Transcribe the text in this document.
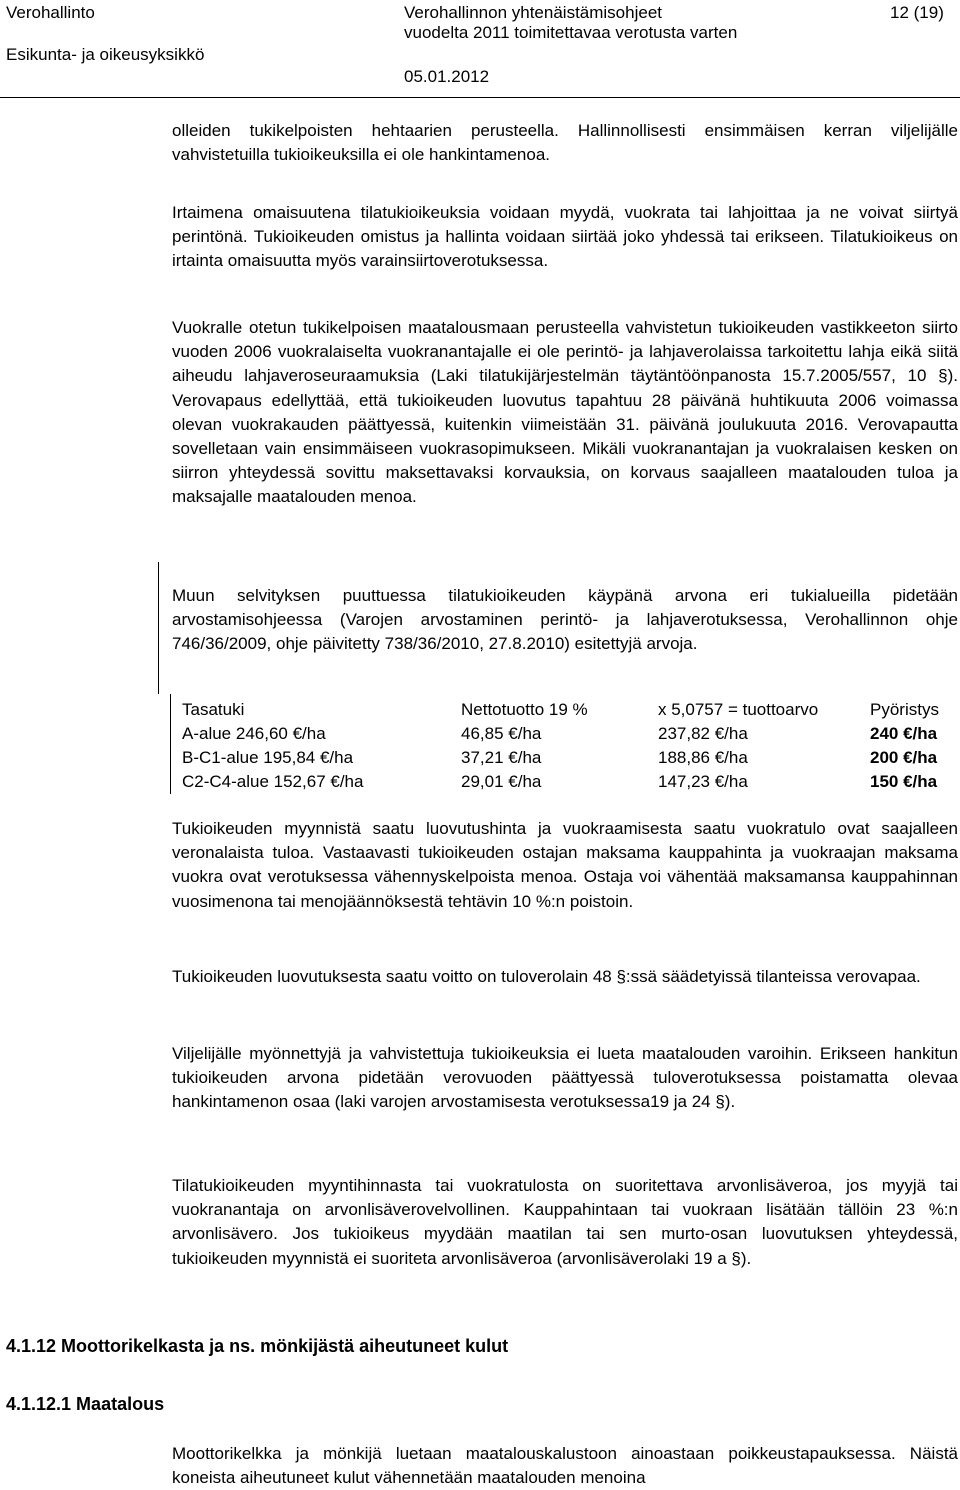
Verohallinto
Esikunta- ja oikeusyksikkö
Verohallinnon yhtenäistämisohjeet
vuodelta 2011 toimitettavaa verotusta varten
05.01.2012
12 (19)

olleiden tukikelpoisten hehtaarien perusteella. Hallinnollisesti ensimmäisen kerran viljelijälle vahvistetuilla tukioikeuksilla ei ole hankintamenoa.

Irtaimena omaisuutena tilatukioikeuksia voidaan myydä, vuokrata tai lahjoittaa ja ne voivat siirtyä perintönä. Tukioikeuden omistus ja hallinta voidaan siirtää joko yhdessä tai erikseen. Tilatukioikeus on irtainta omaisuutta myös varainsiirtoverotuksessa.

Vuokralle otetun tukikelpoisen maatalousmaan perusteella vahvistetun tukioikeuden vastikkeeton siirto vuoden 2006 vuokralaiselta vuokranantajalle ei ole perintö- ja lahjaverolaissa tarkoitettu lahja eikä siitä aiheudu lahjaveroseuraamuksia (Laki tilatukijärjestelmän täytäntöönpanosta 15.7.2005/557, 10 §). Verovapaus edellyttää, että tukioikeuden luovutus tapahtuu 28 päivänä huhtikuuta 2006 voimassa olevan vuokrakauden päättyessä, kuitenkin viimeistään 31. päivänä joulukuuta 2016. Verovapautta sovelletaan vain ensimmäiseen vuokrasopimukseen. Mikäli vuokranantajan ja vuokralaisen kesken on siirron yhteydessä sovittu maksettavaksi korvauksia, on korvaus saajalleen maatalouden tuloa ja maksajalle maatalouden menoa.

Muun selvityksen puuttuessa tilatukioikeuden käypänä arvona eri tukialueilla pidetään arvostamisohjeessa (Varojen arvostaminen perintö- ja lahjaverotuksessa, Verohallinnon ohje 746/36/2009, ohje päivitetty 738/36/2010, 27.8.2010) esitettyjä arvoja.

Tukioikeuden myynnistä saatu luovutushinta ja vuokraamisesta saatu vuokratulo ovat saajalleen veronalaista tuloa. Vastaavasti tukioikeuden ostajan maksama kauppahinta ja vuokraajan maksama vuokra ovat verotuksessa vähennyskelpoista menoa. Ostaja voi vähentää maksamansa kauppahinnan vuosimenona tai menojäännöksestä tehtävin 10 %:n poistoin.

Tukioikeuden luovutuksesta saatu voitto on tuloverolain 48 §:ssä säädetyissä tilanteissa verovapaa.

Viljelijälle myönnettyjä ja vahvistettuja tukioikeuksia ei lueta maatalouden varoihin. Erikseen hankitun tukioikeuden arvona pidetään verovuoden päättyessä tuloverotuksessa poistamatta olevaa hankintamenon osaa (laki varojen arvostamisesta verotuksessa19 ja 24 §).

Tilatukioikeuden myyntihinnasta tai vuokratulosta on suoritettava arvonlisäveroa, jos myyjä tai vuokranantaja on arvonlisäverovelvollinen. Kauppahintaan tai vuokraan lisätään tällöin 23 %:n arvonlisävero. Jos tukioikeus myydään maatilan tai sen murto-osan luovutuksen yhteydessä, tukioikeuden myynnistä ei suoriteta arvonlisäveroa (arvonlisäverolaki 19 a §).

Tasatuki	Nettotuotto 19 %	x 5,0757 = tuottoarvo	Pyöristys
A-alue 246,60 €/ha	46,85 €/ha	237,82 €/ha	240 €/ha
B-C1-alue 195,84 €/ha	37,21 €/ha	188,86 €/ha	200 €/ha
C2-C4-alue 152,67 €/ha	29,01 €/ha	147,23 €/ha	150 €/ha
4.1.12 Moottorikelkasta ja ns. mönkijästä aiheutuneet kulut
4.1.12.1 Maatalous

Moottorikelkka ja mönkijä luetaan maatalouskalustoon ainoastaan poikkeustapauksessa. Näistä koneista aiheutuneet kulut vähennetään maatalouden menoina
